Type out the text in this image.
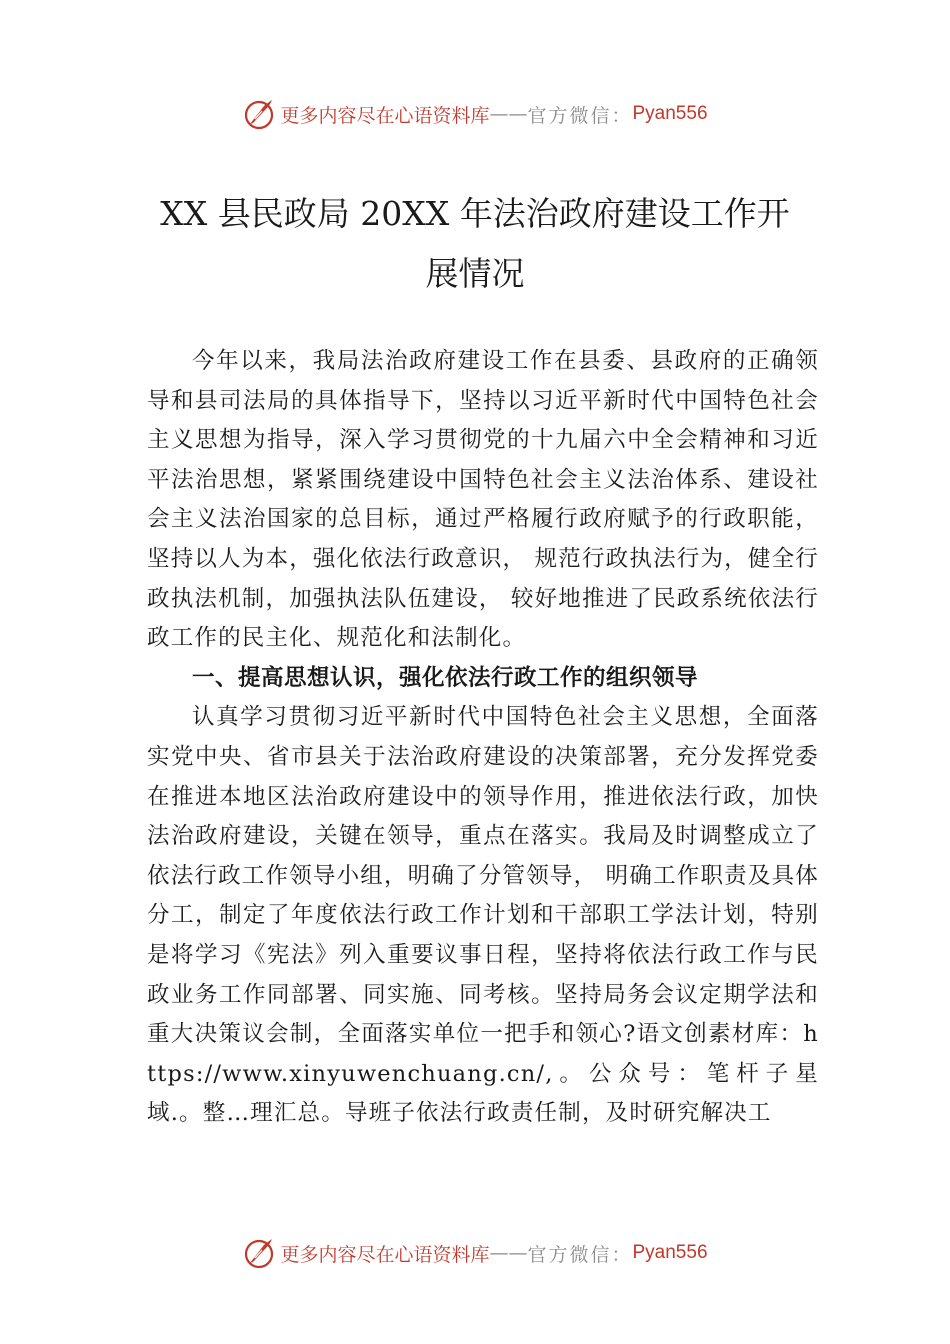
更多内容尽在心语资料库 —— 官方微信： Pyan556
XX 县民政局 20XX 年法治政府建设工作开
展情况

今年以来，我局法治政府建设工作在县委、县政府的正确领导和县司法局的具体指导下，坚持以习近平新时代中国特色社会主义思想为指导，深入学习贯彻党的十九届六中全会精神和习近平法治思想，紧紧围绕建设中国特色社会主义法治体系、建设社会主义法治国家的总目标，通过严格履行政府赋予的行政职能，坚持以人为本，强化依法行政意识， 规范行政执法行为，健全行政执法机制，加强执法队伍建设， 较好地推进了民政系统依法行政工作的民主化、规范化和法制化。

一、提高思想认识，强化依法行政工作的组织领导

认真学习贯彻习近平新时代中国特色社会主义思想，全面落实党中央、省市县关于法治政府建设的决策部署，充分发挥党委在推进本地区法治政府建设中的领导作用，推进依法行政，加快法治政府建设，关键在领导，重点在落实。我局及时调整成立了依法行政工作领导小组，明确了分管领导， 明确工作职责及具体分工，制定了年度依法行政工作计划和干部职工学法计划，特别是将学习《宪法》列入重要议事日程，坚持将依法行政工作与民政业务工作同部署、同实施、同考核。坚持局务会议定期学法和重大决策议会制，全面落实单位一把手和领心?语文创素材库：https://www.xinyuwenchuang.cn/,。公众号：笔杆子星域.。整…理汇总。导班子依法行政责任制，及时研究解决工

更多内容尽在心语资料库 —— 官方微信： Pyan556
